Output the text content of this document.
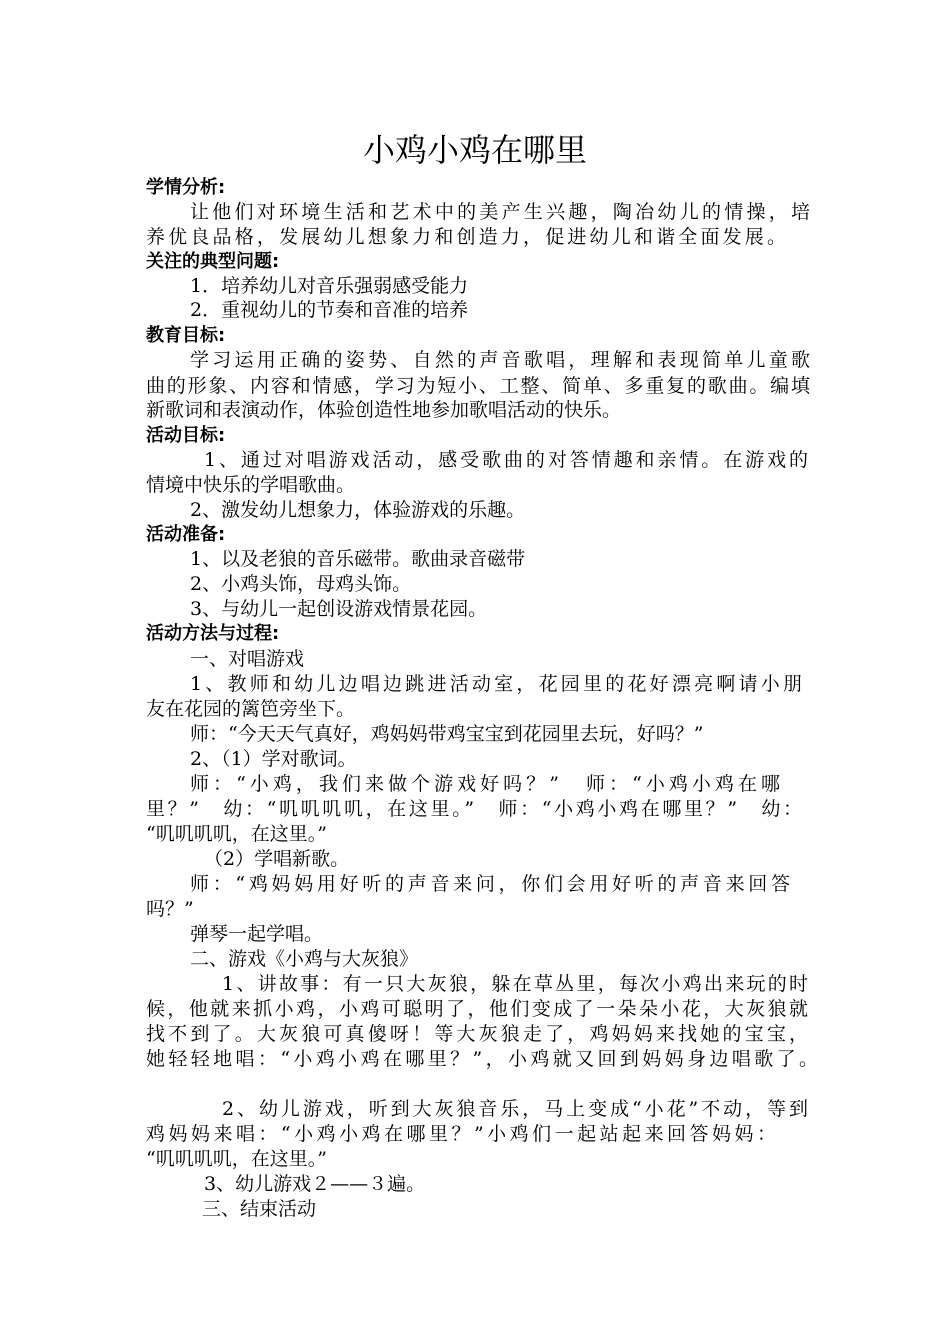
小鸡小鸡在哪里
学情分析:
让他们对环境生活和艺术中的美产生兴趣，陶冶幼儿的情操，培
养优良品格，发展幼儿想象力和创造力，促进幼儿和谐全面发展。
关注的典型问题:
1．培养幼儿对音乐强弱感受能力
2．重视幼儿的节奏和音准的培养
教育目标:
学习运用正确的姿势、自然的声音歌唱，理解和表现简单儿童歌
曲的形象、内容和情感，学习为短小、工整、简单、多重复的歌曲。编填
新歌词和表演动作，体验创造性地参加歌唱活动的快乐。
活动目标:
1、通过对唱游戏活动，感受歌曲的对答情趣和亲情。在游戏的
情境中快乐的学唱歌曲。
2、激发幼儿想象力，体验游戏的乐趣。
活动准备:
1、以及老狼的音乐磁带。歌曲录音磁带
2、小鸡头饰，母鸡头饰。
3、与幼儿一起创设游戏情景花园。
活动方法与过程:
一、对唱游戏
1、教师和幼儿边唱边跳进活动室，花园里的花好漂亮啊请小朋
友在花园的篱笆旁坐下。
师：“今天天气真好，鸡妈妈带鸡宝宝到花园里去玩，好吗？”
2、（1）学对歌词。
师：“小鸡，我们来做个游戏好吗？”　师：“小鸡小鸡在哪
里？”　幼：“叽叽叽叽，在这里。”　师：“小鸡小鸡在哪里？”　幼：
“叽叽叽叽，在这里。”
（2）学唱新歌。
师：“鸡妈妈用好听的声音来问，你们会用好听的声音来回答
吗？”
弹琴一起学唱。
二、游戏《小鸡与大灰狼》
1、讲故事：有一只大灰狼，躲在草丛里，每次小鸡出来玩的时
候，他就来抓小鸡，小鸡可聪明了，他们变成了一朵朵小花，大灰狼就
找不到了。大灰狼可真傻呀！等大灰狼走了，鸡妈妈来找她的宝宝，
她轻轻地唱：“小鸡小鸡在哪里？”，小鸡就又回到妈妈身边唱歌了。
2、幼儿游戏，听到大灰狼音乐，马上变成“小花”不动，等到
鸡妈妈来唱：“小鸡小鸡在哪里？”小鸡们一起站起来回答妈妈：
“叽叽叽叽，在这里。”
3、幼儿游戏２——３遍。
三、结束活动
